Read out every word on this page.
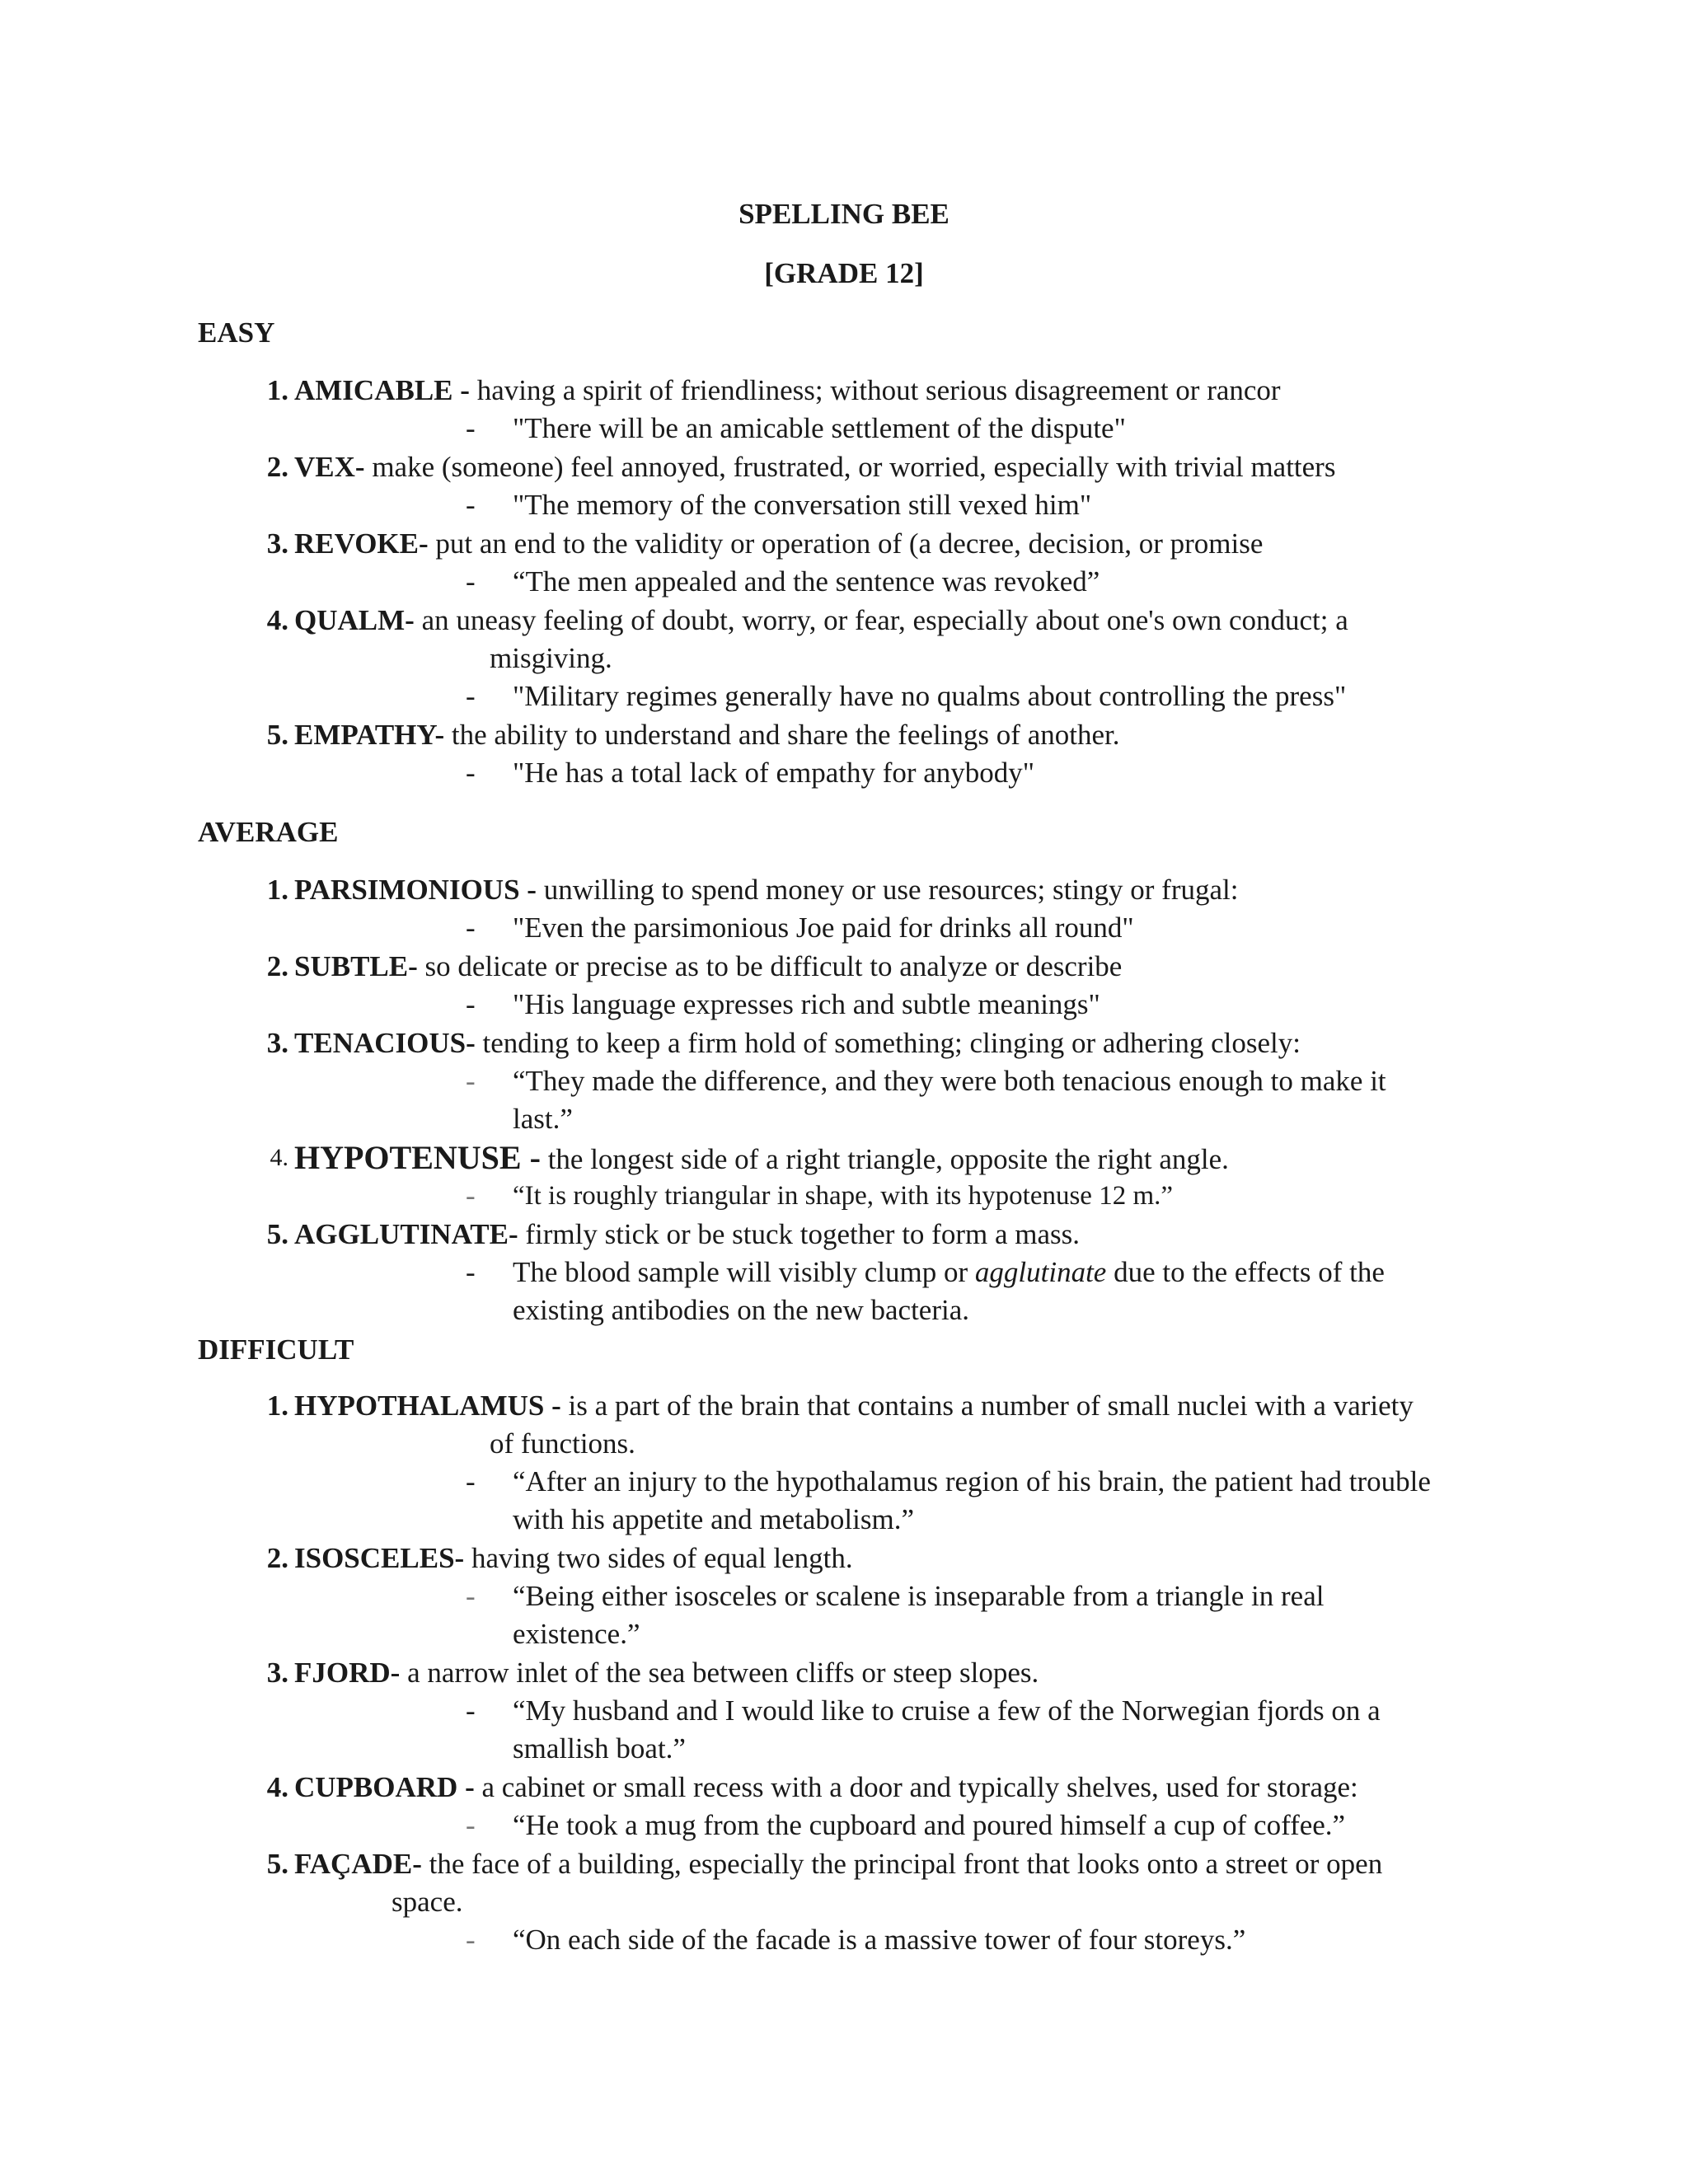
SPELLING BEE
[GRADE 12]
EASY
1. AMICABLE - having a spirit of friendliness; without serious disagreement or rancor
- "There will be an amicable settlement of the dispute"
2. VEX- make (someone) feel annoyed, frustrated, or worried, especially with trivial matters
- "The memory of the conversation still vexed him"
3. REVOKE- put an end to the validity or operation of (a decree, decision, or promise
- “The men appealed and the sentence was revoked”
4. QUALM- an uneasy feeling of doubt, worry, or fear, especially about one's own conduct; a
misgiving.
- "Military regimes generally have no qualms about controlling the press"
5. EMPATHY- the ability to understand and share the feelings of another.
- "He has a total lack of empathy for anybody"
AVERAGE
1. PARSIMONIOUS - unwilling to spend money or use resources; stingy or frugal:
- "Even the parsimonious Joe paid for drinks all round"
2. SUBTLE- so delicate or precise as to be difficult to analyze or describe
- "His language expresses rich and subtle meanings"
3. TENACIOUS- tending to keep a firm hold of something; clinging or adhering closely:
- “They made the difference, and they were both tenacious enough to make it
last.”
4. HYPOTENUSE - the longest side of a right triangle, opposite the right angle.
- “It is roughly triangular in shape, with its hypotenuse 12 m.”
5. AGGLUTINATE- firmly stick or be stuck together to form a mass.
- The blood sample will visibly clump or agglutinate due to the effects of the
existing antibodies on the new bacteria.
DIFFICULT
1. HYPOTHALAMUS - is a part of the brain that contains a number of small nuclei with a variety
of functions.
- “After an injury to the hypothalamus region of his brain, the patient had trouble
with his appetite and metabolism.”
2. ISOSCELES- having two sides of equal length.
- “Being either isosceles or scalene is inseparable from a triangle in real
existence.”
3. FJORD- a narrow inlet of the sea between cliffs or steep slopes.
- “My husband and I would like to cruise a few of the Norwegian fjords on a
smallish boat.”
4. CUPBOARD - a cabinet or small recess with a door and typically shelves, used for storage:
- “He took a mug from the cupboard and poured himself a cup of coffee.”
5. FAÇADE- the face of a building, especially the principal front that looks onto a street or open
space.
- “On each side of the facade is a massive tower of four storeys.”
